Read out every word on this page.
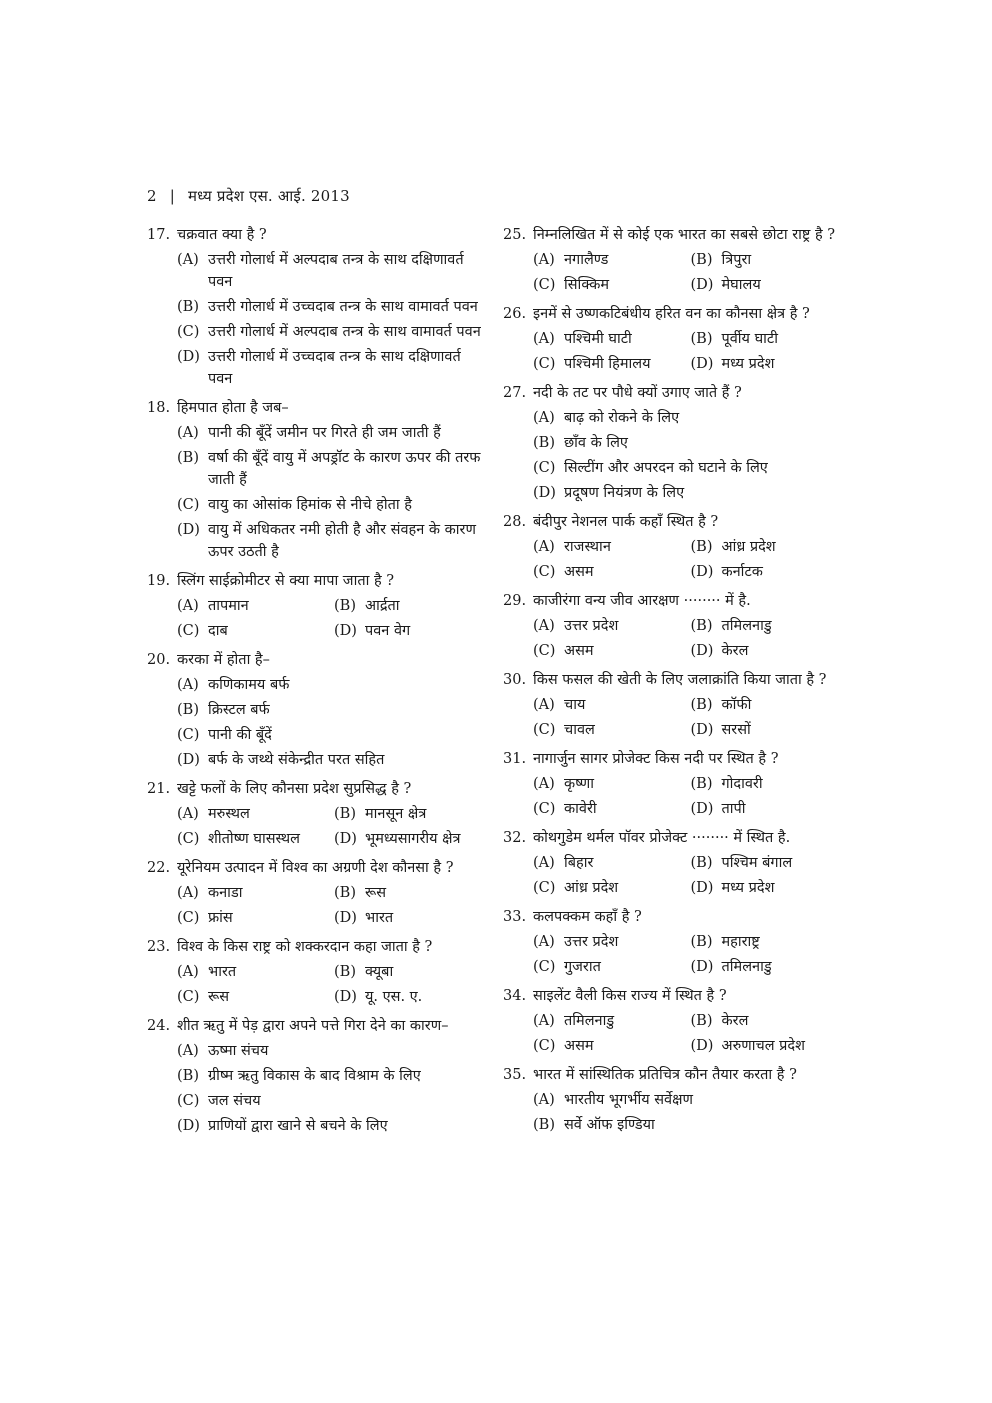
2 | मध्य प्रदेश एस. आई. 2013
17. चक्रवात क्या है ?
(A) उत्तरी गोलार्ध में अल्पदाब तन्त्र के साथ दक्षिणावर्त पवन
(B) उत्तरी गोलार्ध में उच्चदाब तन्त्र के साथ वामावर्त पवन
(C) उत्तरी गोलार्ध में अल्पदाब तन्त्र के साथ वामावर्त पवन
(D) उत्तरी गोलार्ध में उच्चदाब तन्त्र के साथ दक्षिणावर्त पवन
18. हिमपात होता है जब–
(A) पानी की बूँदें जमीन पर गिरते ही जम जाती हैं
(B) वर्षा की बूँदें वायु में अपड्रॉट के कारण ऊपर की तरफ जाती हैं
(C) वायु का ओसांक हिमांक से नीचे होता है
(D) वायु में अधिकतर नमी होती है और संवहन के कारण ऊपर उठती है
19. स्लिंग साईक्रोमीटर से क्या मापा जाता है ?
(A) तापमान	(B) आर्द्रता
(C) दाब	(D) पवन वेग
20. करका में होता है–
(A) कणिकामय बर्फ
(B) क्रिस्टल बर्फ
(C) पानी की बूँदें
(D) बर्फ के जथ्थे संकेन्द्रीत परत सहित
21. खट्टे फलों के लिए कौनसा प्रदेश सुप्रसिद्ध है ?
(A) मरुस्थल	(B) मानसून क्षेत्र
(C) शीतोष्ण घासस्थल	(D) भूमध्यसागरीय क्षेत्र
22. यूरेनियम उत्पादन में विश्व का अग्रणी देश कौनसा है ?
(A) कनाडा	(B) रूस
(C) फ्रांस	(D) भारत
23. विश्व के किस राष्ट्र को शक्करदान कहा जाता है ?
(A) भारत	(B) क्यूबा
(C) रूस	(D) यू. एस. ए.
24. शीत ऋतु में पेड़ द्वारा अपने पत्ते गिरा देने का कारण–
(A) ऊष्मा संचय
(B) ग्रीष्म ऋतु विकास के बाद विश्राम के लिए
(C) जल संचय
(D) प्राणियों द्वारा खाने से बचने के लिए
25. निम्नलिखित में से कोई एक भारत का सबसे छोटा राष्ट्र है ?
(A) नगालैण्ड	(B) त्रिपुरा
(C) सिक्किम	(D) मेघालय
26. इनमें से उष्णकटिबंधीय हरित वन का कौनसा क्षेत्र है ?
(A) पश्चिमी घाटी	(B) पूर्वीय घाटी
(C) पश्चिमी हिमालय	(D) मध्य प्रदेश
27. नदी के तट पर पौधे क्यों उगाए जाते हैं ?
(A) बाढ़ को रोकने के लिए
(B) छाँव के लिए
(C) सिल्टींग और अपरदन को घटाने के लिए
(D) प्रदूषण नियंत्रण के लिए
28. बंदीपुर नेशनल पार्क कहाँ स्थित है ?
(A) राजस्थान	(B) आंध्र प्रदेश
(C) असम	(D) कर्नाटक
29. काजीरंगा वन्य जीव आरक्षण ········ में है.
(A) उत्तर प्रदेश	(B) तमिलनाडु
(C) असम	(D) केरल
30. किस फसल की खेती के लिए जलाक्रांति किया जाता है ?
(A) चाय	(B) कॉफी
(C) चावल	(D) सरसों
31. नागार्जुन सागर प्रोजेक्ट किस नदी पर स्थित है ?
(A) कृष्णा	(B) गोदावरी
(C) कावेरी	(D) तापी
32. कोथगुडेम थर्मल पॉवर प्रोजेक्ट ········ में स्थित है.
(A) बिहार	(B) पश्चिम बंगाल
(C) आंध्र प्रदेश	(D) मध्य प्रदेश
33. कलपक्कम कहाँ है ?
(A) उत्तर प्रदेश	(B) महाराष्ट्र
(C) गुजरात	(D) तमिलनाडु
34. साइलेंट वैली किस राज्य में स्थित है ?
(A) तमिलनाडु	(B) केरल
(C) असम	(D) अरुणाचल प्रदेश
35. भारत में सांस्थितिक प्रतिचित्र कौन तैयार करता है ?
(A) भारतीय भूगर्भीय सर्वेक्षण
(B) सर्वे ऑफ इण्डिया
